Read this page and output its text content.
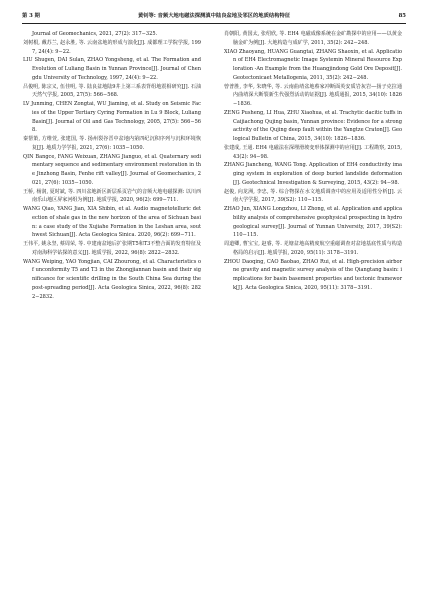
第 3 期	黄钊等: 音频大地电磁法探测滇中陆良盆地及邻区的地质结构特征	85

Journal of Geomechanics, 2021, 27(2): 317−325.

刘树根, 戴苏兰, 赵永胜, 等. 云南盆地的形成与演化[J]. 成都理工学院学报, 1997, 24(4): 9−22.

LIU Shugen, DAI Sulan, ZHAO Yongsheng, et al. The Formation and Evolution of Luliang Basin in Yunnan Province[J]. Journal of Chengdu University of Technology, 1997, 24(4): 9−22.

吕俊明, 陈宗义, 伍佳明, 等. 陆良盆地陆9井上第三系表背组地震相研究[J]. 石油天然气学报, 2005, 27(5): 566−568.

LV Junming, CHEN Zongtai, WU Jiaming, et al. Study on Seismic Facies of the Upper Tertiary Cyring Formation in Lu 9 Block, Luliang Basin[J]. Journal of Oil and Gas Technology, 2005, 27(5): 566−568.

秦帮策, 方维萱, 张建国, 等. 扬州裂谷晋中盆地内第四纪沉积序列与沉积环境恢复[J]. 地质力学学报, 2021, 27(6): 1035−1050.

QIN Bangce, FANG Weixuan, ZHANG Jianguo, et al. Quaternary sedimentary sequence and sedimentary environment restoration in the Jinzhong Basin, Fenhe rift valley[J]. Journal of Geomechanics, 2021, 27(6): 1035−1050.

王桥, 杨润, 夏时斌, 等. 四川盆地新区新层系页岩气的音频大地电磁探测: 以川西南乐山地区屏家河组为例[J]. 地质学报, 2020, 96(2): 699−711.

WANG Qiao, YANG Jian, XIA Shibin, et al. Audio magnetotelluric detection of shale gas in the new horizon of the area of Sichuan basin: a case study of the Xujiahe Formation in the Leshan area, southwest Sichuan[J]. Acta Geologica Sinica. 2020, 96(2): 699−711.

王伟平, 姚永坚, 蔡周荣, 等. 中建南盆地后扩张期T5和T3不整合面的发育特征及对南海科学钻探的意义[J]. 地质学报, 2022, 96(8): 2822−2832.

WANG Weiping, YAO Yongjian, CAI Zhourong, et al. Characteristics of unconformity T5 and T3 in the Zhongjiannan basin and their significance for scientific drilling in the South China Sea during the post-spreading period[J]. Acta Geologica Sinica, 2022, 96(8): 2822−2832.

肖朝阳, 黄国太, 张绍欣, 等. EH4 电磁成像系统在金矿勘探中的应用——以黄金脑金矿为例[J]. 大地构造与成矿学, 2011, 35(2): 242−248.

XIAO Zhaoyang, HUANG Guangtai, ZHANG Shaoxin, et al. Application of EH4 Electromagnetic Image Systemin Mineral Resource Exploration -An Example from the Huangjindong Gold Ore Deposit[J]. Geotectonicaet Metallogenia, 2011, 35(2): 242−248.

曾普胜, 李华, 朱晓华, 等. 云南曲靖盆地蔡家冲断面英安质岩灰岩—扬子克拉通内曲靖深大断裂新生代强烈活动的证据[J]. 地质通报, 2015, 34(10): 1826−1836.

ZENG Pusheng, LI Hua, ZHU Xiaohua, et al. Trachytic dacitic tuffs in Caijiachong Qujing basin, Yunnan province: Evidence for a strong activity of the Qujing deep fault within the Yangtze Craton[J]. Geological Bulletin of China, 2015, 34(10): 1826−1836.

张建成, 王通. EH4 电磁法在深埋滑坡变形体探测中的应用[J]. 工程勘察, 2015, 43(2): 94−98.

ZHANG Jiancheng, WANG Tong. Application of EH4 conductivity imaging system in exploration of deep buried landslide deformation[J]. Geotechnical Investigation & Surveying, 2015, 43(2): 94−98.

赵俊, 向龙洲, 李忠, 等. 综合物探在水文地质调查中的应用及适用性分析[J]. 云南大学学报, 2017, 39(S2): 110−115.

ZHAO Jun, XIANG Longzhou, LI Zhong, et al. Application and applicability analysis of comprehensive geophysical prospecting in hydrogeological survey[J]. Journal of Yunnan University, 2017, 39(S2): 110−115.

周道卿, 曹宝宝, 赵睿, 等. 羌塘盆地高精度航空重磁调查对盆地基底性质与构造格局的启示[J]. 地质学报, 2020, 95(11): 3178−3191.

ZHOU Daoqing, CAO Baobao, ZHAO Rui, et al. High-precision airborne gravity and magnetic survey analysis of the Qiangtang basin: implications for basin basement properties and tectonic framework[J]. Acta Geologica Sinica, 2020, 95(11): 3178−3191.
